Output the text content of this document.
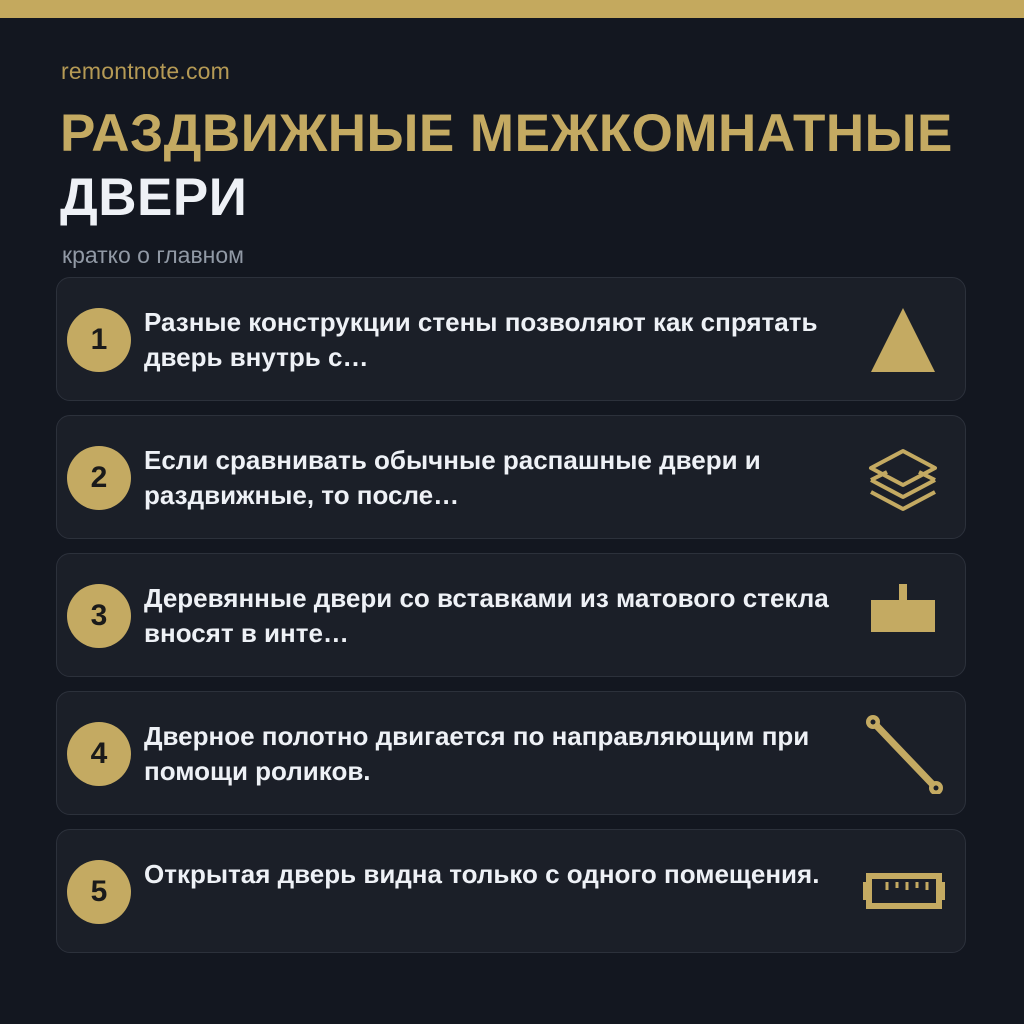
remontnote.com
РАЗДВИЖНЫЕ МЕЖКОМНАТНЫЕ
ДВЕРИ
кратко о главном
1
Разные конструкции стены позволяют как спрятать дверь внутрь с…
2
Если сравнивать обычные распашные двери и раздвижные, то после…
3
Деревянные двери со вставками из матового стекла вносят в инте…
4
Дверное полотно двигается по направляющим при помощи роликов.
5
Открытая дверь видна только с одного помещения.
